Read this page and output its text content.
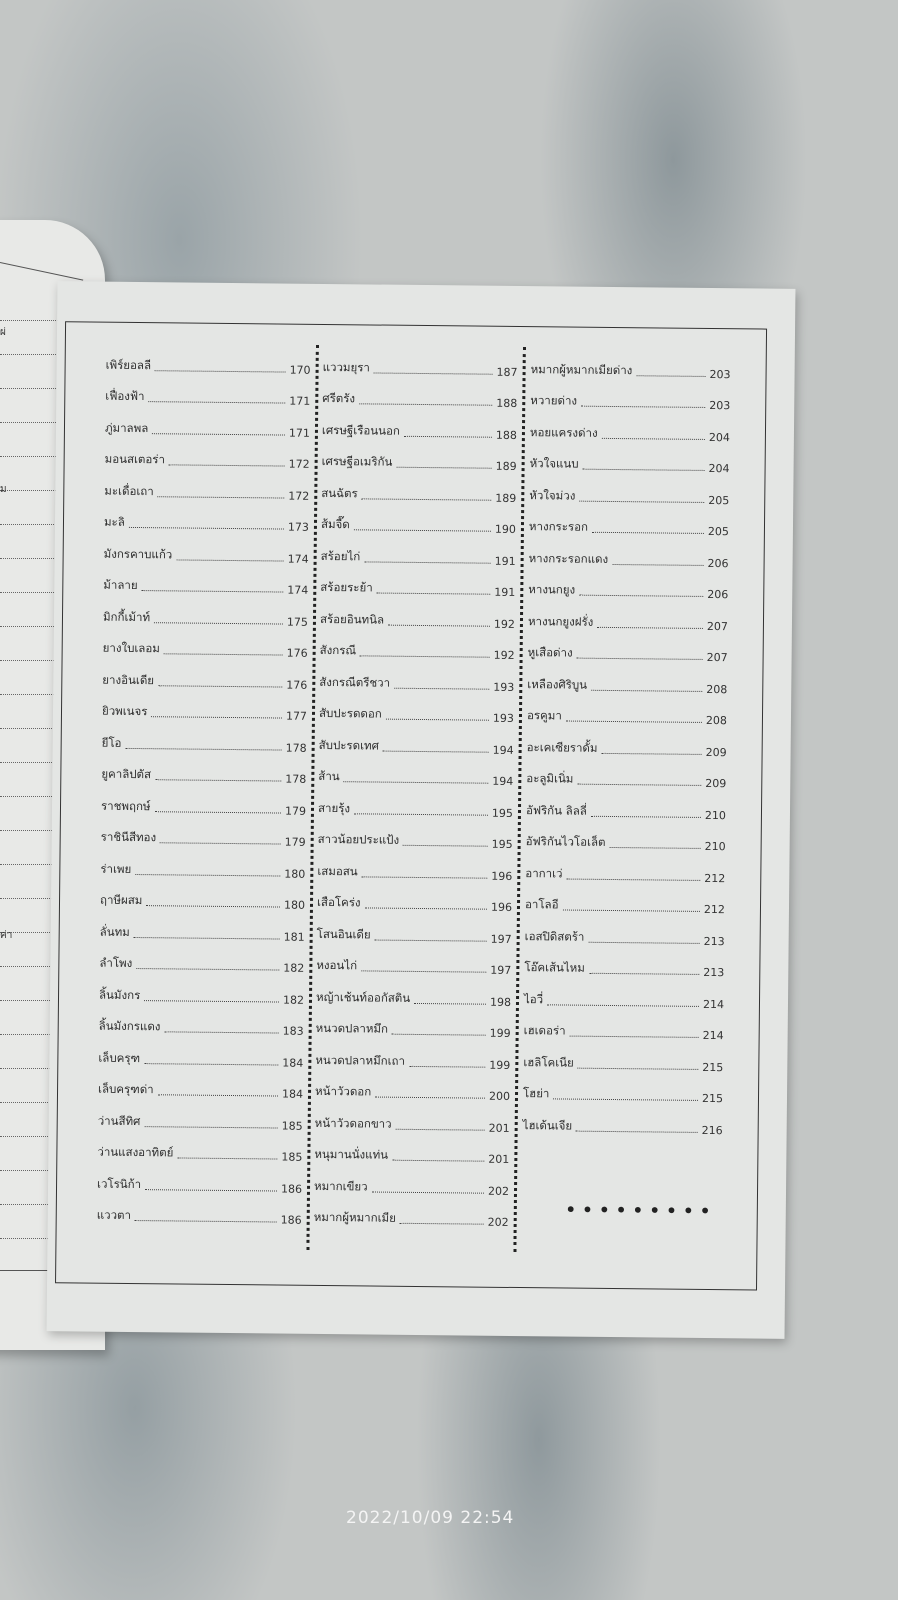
ผ่
ม
ค่า
เพิร์ยอลลี	170
เฟื่องฟ้า	171
ภู่มาลพล	171
มอนสเตอร่า	172
มะเดื่อเถา	172
มะลิ	173
มังกรคาบแก้ว	174
ม้าลาย	174
มิกกี้เม้าท์	175
ยางใบเลอม	176
ยางอินเดีย	176
ยิวพเนจร	177
ยีโอ	178
ยูคาลิปตัส	178
ราชพฤกษ์	179
ราชินีสีทอง	179
ร่าเพย	180
ฤาษีผสม	180
ลั่นทม	181
ลำโพง	182
ลิ้นมังกร	182
ลิ้นมังกรแดง	183
เล็บครุฑ	184
เล็บครุฑด่า	184
ว่านสีทิศ	185
ว่านแสงอาทิตย์	185
เวโรนิก้า	186
แววตา	186
แววมยุรา	187
ศรีตรัง	188
เศรษฐีเรือนนอก	188
เศรษฐีอเมริกัน	189
สนฉัตร	189
ส้มจี๊ด	190
สร้อยไก่	191
สร้อยระย้า	191
สร้อยอินทนิล	192
สังกรณี	192
สังกรณีตรีชวา	193
สับปะรดดอก	193
สับปะรดเทศ	194
ส้าน	194
สายรุ้ง	195
สาวน้อยประแป้ง	195
เสมอสน	196
เสือโคร่ง	196
โสนอินเดีย	197
หงอนไก่	197
หญ้าเช้นท์ออกัสติน	198
หนวดปลาหมึก	199
หนวดปลาหมึกเถา	199
หน้าวัวดอก	200
หน้าวัวดอกขาว	201
หนุมานนั่งแท่น	201
หมากเขียว	202
หมากผู้หมากเมีย	202
หมากผู้หมากเมียด่าง	203
หวายด่าง	203
หอยแครงด่าง	204
หัวใจแนบ	204
หัวใจม่วง	205
หางกระรอก	205
หางกระรอกแดง	206
หางนกยูง	206
หางนกยูงฝรั่ง	207
หูเสือด่าง	207
เหลืองศิริบูน	208
อรคูมา	208
อะเคเซียราดั้ม	209
อะลูมิเนิ่ม	209
อัฟริกัน ลิลลี่	210
อัฟริกันไวโอเล็ต	210
อากาเว่	212
อาโลอี	212
เอสปิดิสตร้า	213
โอ๊คเส้นไหม	213
ไอวี่	214
เฮเดอร่า	214
เฮลิโคเนีย	215
โฮย่า	215
ไฮเด้นเจีย	216
•••••••••
2022/10/09 22:54
